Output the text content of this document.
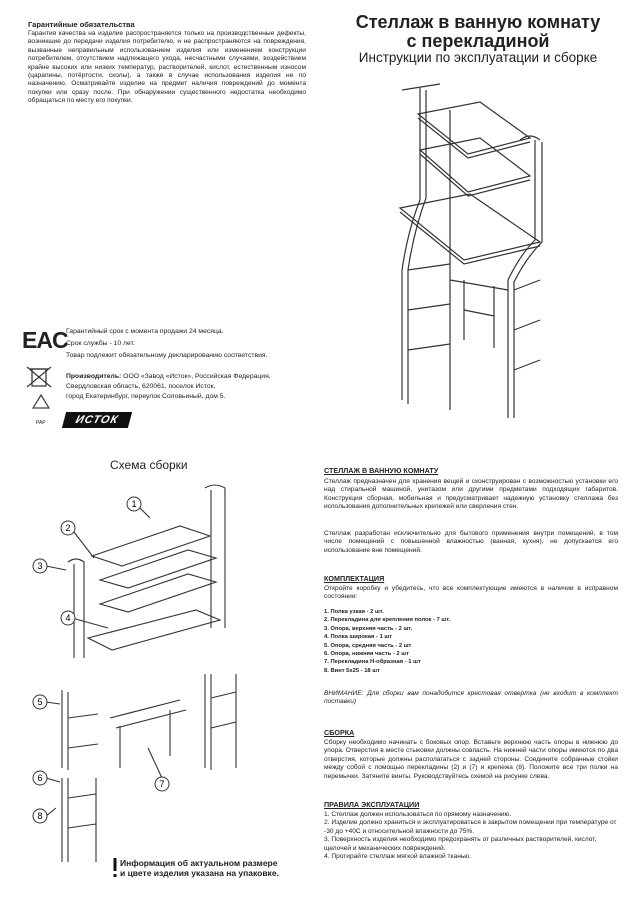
Гарантийные обязательства
Гарантия качества на изделие распространяется только на производственные дефекты, возникшие до передачи изделия потребителю, и не распространяются на повреждения, вызванные неправильным использованием изделия или изменением конструкции потребителем, отсутствием надлежащего ухода, несчастными случаями, воздействием крайне высоких или низких температур, растворителей, кислот, естественным износом (царапины, потёртости, сколы), а также в случае использования изделия не по назначению. Осматривайте изделие на предмет наличия повреждений до момента покупки или сразу после. При обнаружении существенного недостатка необходимо обращаться по месту его покупки.
Стеллаж в ванную комнату
с перекладиной
Инструкции по эксплуатации и сборке
EAC
Гарантийный срок с момента продажи 24 месяца.
Срок службы - 10 лет.
Товар подлежит обязательному декларированию соответствия.
PAP
Производитель: ООО «Завод «Исток», Российская Федерация,
Свердловская область, 620061, поселок Исток,
город Екатеринбург, переулок Соловьиный, дом 5.
ИСТОК
Схема сборки
1
2
3
4
5
6
7
8
Информация об актуальном размере
и цвете изделия указана на упаковке.
СТЕЛЛАЖ В ВАННУЮ КОМНАТУ
Стеллаж предназначен для хранения вещей и сконструирован с возможностью установки его над стиральной машиной, унитазом или другими предметами подходящих габаритов. Конструкция сборная, мобильная и предусматривает надежную установку стеллажа без использования дополнительных крепежей или сверления стен.
Стеллаж разработан исключительно для бытового применения внутри помещений, в том числе помещений с повышенной влажностью (ванная, кухня), не допускается его использование вне помещений.
КОМПЛЕКТАЦИЯ
Откройте коробку и убедитесь, что все комплектующие имеются в наличии в исправном состоянии:
1. Полка узкая - 2 шт.
2. Перекладина для крепления полок - 7 шт.
3. Опора, верхняя часть - 2 шт.
4. Полка широкая - 1 шт
5. Опора, средняя часть - 2 шт
6. Опора, нижняя часть - 2 шт
7. Перекладина Н-образная - 1 шт
8. Винт 5х25 - 18 шт
ВНИМАНИЕ: Для сборки вам понадобится крестовая отвертка (не входит в комплект поставки)
СБОРКА
Сборку необходимо начинать с боковых опор. Вставьте верхнюю часть опоры в нижнюю до упора. Отверстия в месте стыковки должны совпасть. На нижней части опоры имеются по два отверстия, которые должны располагаться с задней стороны. Соедините собранные стойки между собой с помощью перекладины (2) и (7) и крепежа (8). Положите все три полки на перемычки. Затяните винты. Руководствуйтесь схемой на рисунке слева.
ПРАВИЛА ЭКСПЛУАТАЦИИ
1. Стеллаж должен использоваться по прямому назначению.
2. Изделие должно храниться и эксплуатироваться в закрытом помещении при температуре от -30 до +40С и относительной влажности до 75%.
3. Поверхность изделия необходимо предохранять от различных растворителей, кислот, щелочей и механических повреждений.
4. Протирайте стеллаж мягкой влажной тканью.
